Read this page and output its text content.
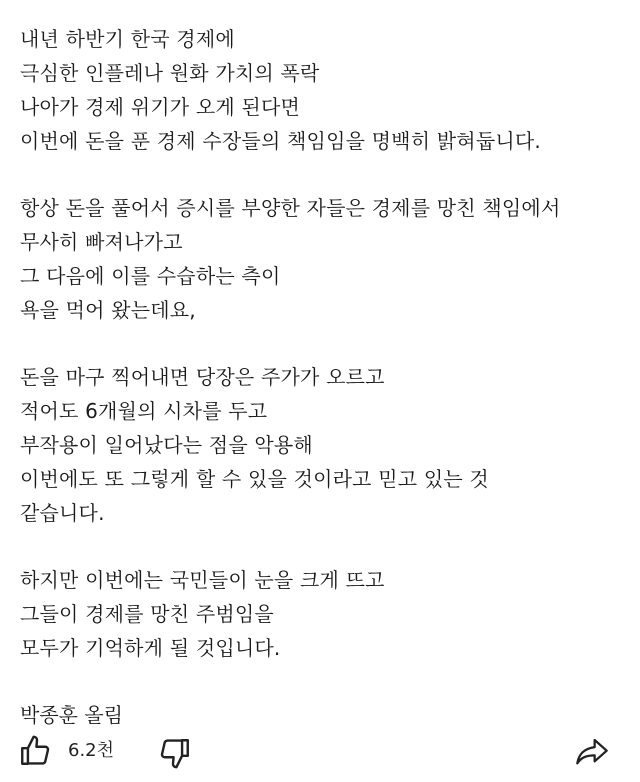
내년 하반기 한국 경제에
극심한 인플레나 원화 가치의 폭락
나아가 경제 위기가 오게 된다면
이번에 돈을 푼 경제 수장들의 책임임을 명백히 밝혀둡니다.
항상 돈을 풀어서 증시를 부양한 자들은 경제를 망친 책임에서
무사히 빠져나가고
그 다음에 이를 수습하는 측이
욕을 먹어 왔는데요,
돈을 마구 찍어내면 당장은 주가가 오르고
적어도 6개월의 시차를 두고
부작용이 일어났다는 점을 악용해
이번에도 또 그렇게 할 수 있을 것이라고 믿고 있는 것
같습니다.
하지만 이번에는 국민들이 눈을 크게 뜨고
그들이 경제를 망친 주범임을
모두가 기억하게 될 것입니다.
박종훈 올림
6.2천
